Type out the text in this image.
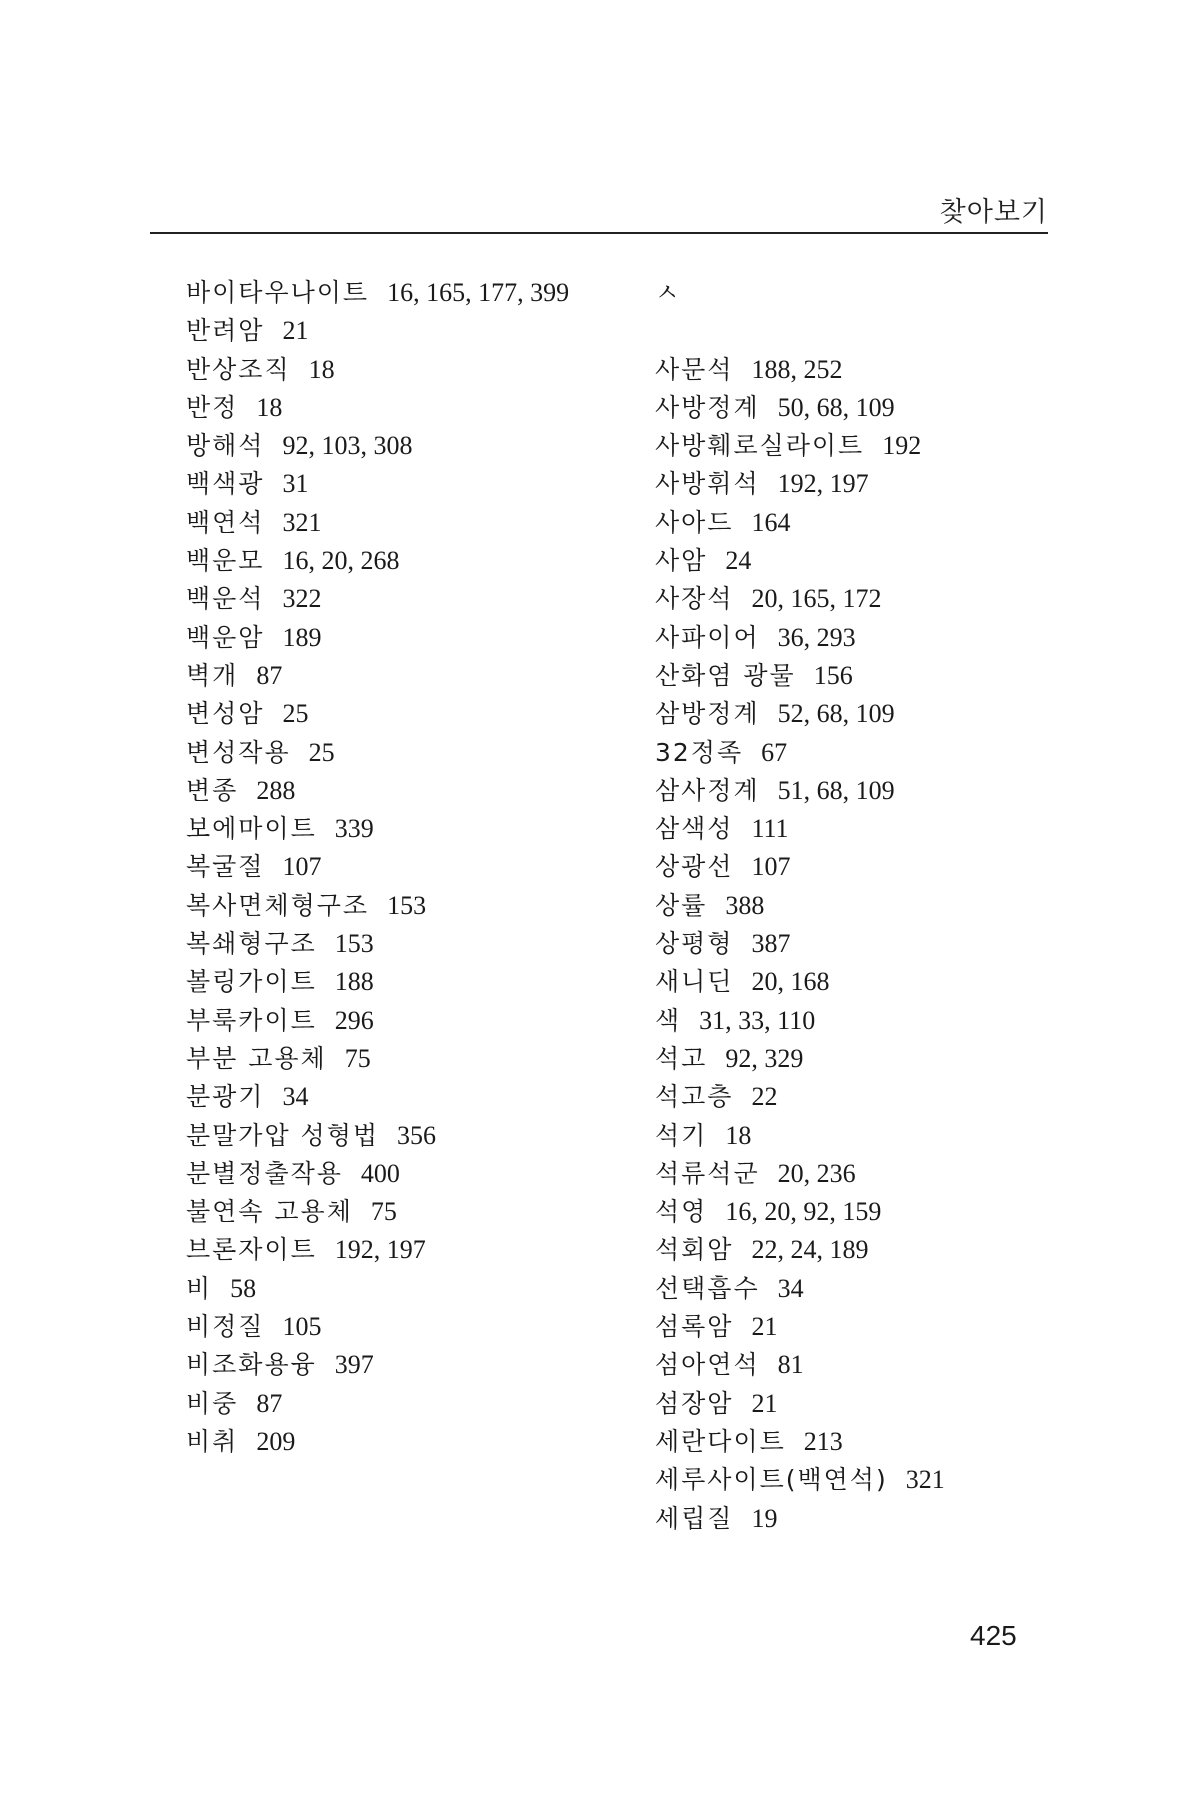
찾아보기
바이타우나이트 16, 165, 177, 399
반려암 21
반상조직 18
반정 18
방해석 92, 103, 308
백색광 31
백연석 321
백운모 16, 20, 268
백운석 322
백운암 189
벽개 87
변성암 25
변성작용 25
변종 288
보에마이트 339
복굴절 107
복사면체형구조 153
복쇄형구조 153
볼링가이트 188
부룩카이트 296
부분 고용체 75
분광기 34
분말가압 성형법 356
분별정출작용 400
불연속 고용체 75
브론자이트 192, 197
비 58
비정질 105
비조화용융 397
비중 87
비취 209
ㅅ
사문석 188, 252
사방정계 50, 68, 109
사방훼로실라이트 192
사방휘석 192, 197
사아드 164
사암 24
사장석 20, 165, 172
사파이어 36, 293
산화염 광물 156
삼방정계 52, 68, 109
32정족 67
삼사정계 51, 68, 109
삼색성 111
상광선 107
상률 388
상평형 387
새니딘 20, 168
색 31, 33, 110
석고 92, 329
석고층 22
석기 18
석류석군 20, 236
석영 16, 20, 92, 159
석회암 22, 24, 189
선택흡수 34
섬록암 21
섬아연석 81
섬장암 21
세란다이트 213
세루사이트(백연석) 321
세립질 19
425
